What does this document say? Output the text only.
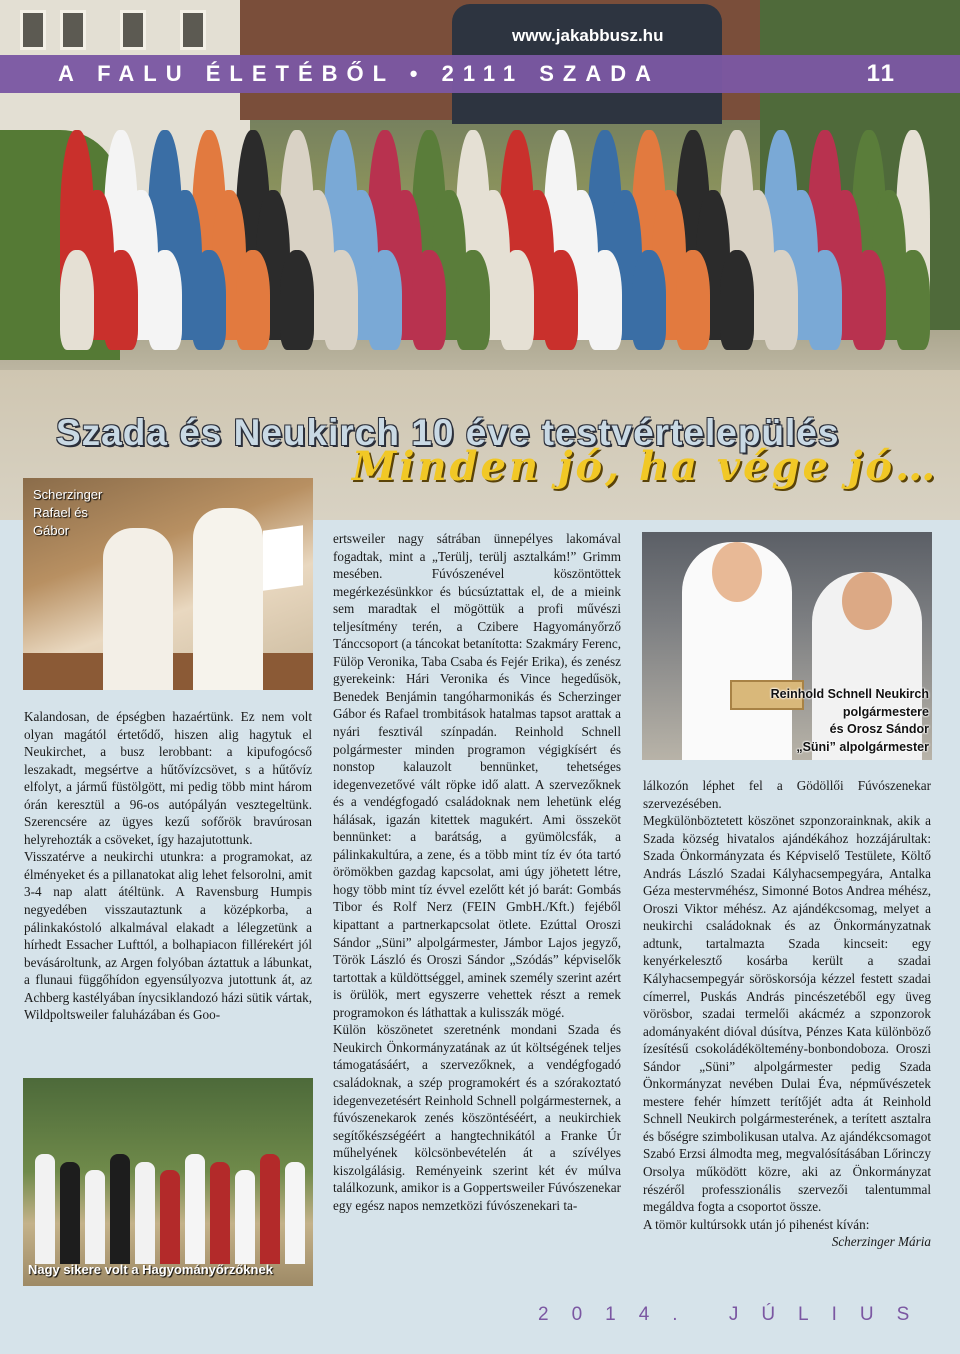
www.jakabbusz.hu
A FALU ÉLETÉBŐL • 2111 SZADA	11
Szada és Neukirch 10 éve testvértelepülés
Minden jó, ha vége jó…
Scherzinger Rafael és Gábor

Kalandosan, de épségben hazaértünk. Ez nem volt olyan magától értetődő, hiszen alig hagytuk el Neukirchet, a busz lerobbant: a kipufogócső leszakadt, megsértve a hűtővízcsövet, s a hűtővíz elfolyt, a jármű füstölgött, mi pedig több mint három órán keresztül a 96-os autópályán vesztegeltünk. Szerencsére az ügyes kezű sofőrök bravúrosan helyrehozták a csöveket, így hazajutottunk.

Visszatérve a neukirchi utunkra: a programokat, az élményeket és a pillanatokat alig lehet felsorolni, amit 3-4 nap alatt átéltünk. A Ravensburg Humpis negyedében visszautaztunk a középkorba, a pálinkakóstoló alkalmával elakadt a lélegzetünk a hírhedt Essacher Lufttól, a bolhapiacon fillérekért jól bevásároltunk, az Argen folyóban áztattuk a lábunkat, a flunaui függőhídon egyensúlyozva jutottunk át, az Achberg kastélyában ínycsiklandozó házi sütik vártak, Wildpoltsweiler faluházában és Goo-

Nagy sikere volt a Hagyományőrzőknek

ertsweiler nagy sátrában ünnepélyes lakomával fogadtak, mint a „Terülj, terülj asztalkám!” Grimm mesében. Fúvószenével köszöntöttek megérkezésünkkor és búcsúztattak el, de a mieink sem maradtak el mögöttük a profi művészi teljesítmény terén, a Czibere Hagyományőrző Tánccsoport (a táncokat betanította: Szakmáry Ferenc, Fülöp Veronika, Taba Csaba és Fejér Erika), és zenész gyerekeink: Hári Veronika és Vince hegedűsök, Benedek Benjámin tangóharmonikás és Scherzinger Gábor és Rafael trombitások hatalmas tapsot arattak a nyári fesztivál színpadán. Reinhold Schnell polgármester minden programon végigkísért és nonstop kalauzolt bennünket, tehetséges idegenvezetővé vált röpke idő alatt. A szervezőknek és a vendégfogadó családoknak nem lehetünk elég hálásak, igazán kitettek magukért. Ami összeköt bennünket: a barátság, a gyümölcsfák, a pálinkakultúra, a zene, és a több mint tíz év óta tartó örömökben gazdag kapcsolat, ami úgy jöhetett létre, hogy több mint tíz évvel ezelőtt két jó barát: Gombás Tibor és Rolf Nerz (FEIN GmbH./Kft.) fejéből kipattant a partnerkapcsolat ötlete. Ezúttal Oroszi Sándor „Süni” alpolgármester, Jámbor Lajos jegyző, Török László és Oroszi Sándor „Szódás” képviselők tartottak a küldöttséggel, aminek személy szerint azért is örülök, mert egyszerre vehettek részt a remek programokon és láthattak a kulisszák mögé.

Külön köszönetet szeretnénk mondani Szada és Neukirch Önkormányzatának az út költségének teljes támogatásáért, a szervezőknek, a vendégfogadó családoknak, a szép programokért és a szórakoztató idegenvezetésért Reinhold Schnell polgármesternek, a fúvószenekarok zenés köszöntéséért, a neukirchiek segítőkészségéért a hangtechnikától a Franke Úr műhelyének kölcsönbevételén át a szívélyes kiszolgálásig. Reményeink szerint két év múlva találkozunk, amikor is a Goppertsweiler Fúvószenekar egy egész napos nemzetközi fúvószenekari ta-

Reinhold Schnell Neukirch
polgármestere
és Orosz Sándor
„Süni” alpolgármester

lálkozón léphet fel a Gödöllői Fúvószenekar szervezésében.

Megkülönböztetett köszönet szponzorainknak, akik a Szada község hivatalos ajándékához hozzájárultak: Szada Önkormányzata és Képviselő Testülete, Költő András László Szadai Kályhacsempegyára, Antalka Géza mestervméhész, Simonné Botos Andrea méhész, Oroszi Viktor méhész. Az ajándékcsomag, melyet a neukirchi családoknak és az Önkormányzatnak adtunk, tartalmazta Szada kincseit: egy kenyérkelesztő kosárba került a szadai Kályhacsempegyár söröskorsója kézzel festett szadai címerrel, Puskás András pincészetéből egy üveg vörösbor, szadai termelői akácméz a szponzorok adományaként dióval dúsítva, Pénzes Kata különböző ízesítésű csokoládéköltemény-bonbondoboza. Oroszi Sándor „Süni” alpolgármester pedig Szada Önkormányzat nevében Dulai Éva, népművészetek mestere fehér hímzett terítőjét adta át Reinhold Schnell Neukirch polgármesterének, a terített asztalra és bőségre szimbolikusan utalva. Az ajándékcsomagot Szabó Erzsi álmodta meg, megvalósításában Lőrinczy Orsolya működött közre, aki az Önkormányzat részéről professzionális szervezői talentummal megáldva fogta a csoportot össze.

A tömör kultúrsokk után jó pihenést kíván:

Scherzinger Mária

2014. JÚLIUS
